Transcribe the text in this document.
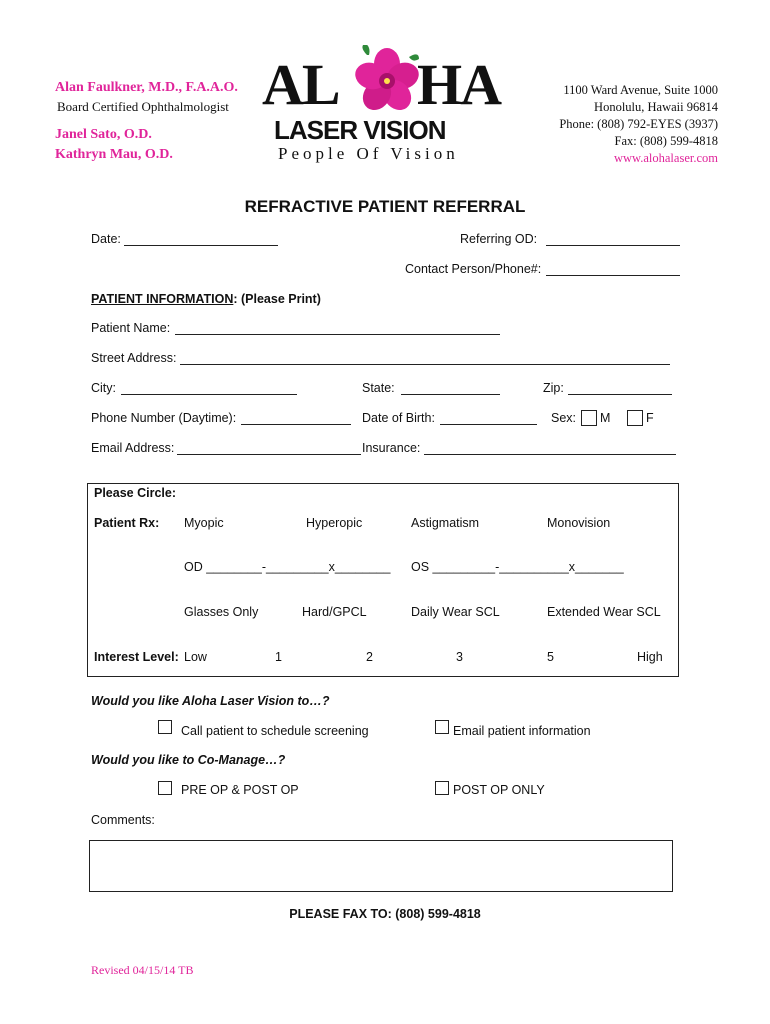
Alan Faulkner, M.D., F.A.A.O.
Board Certified Ophthalmologist
Janel Sato, O.D.
Kathryn Mau, O.D.
AL HA
LASER VISION
People Of Vision
1100 Ward Avenue, Suite 1000
Honolulu, Hawaii 96814
Phone: (808) 792-EYES (3937)
Fax: (808) 599-4818
www.alohalaser.com
REFRACTIVE PATIENT REFERRAL
Date:	Referring OD:
Contact Person/Phone#:
PATIENT INFORMATION: (Please Print)
Patient Name:
Street Address:
City:	State:	Zip:
Phone Number (Daytime):	Date of Birth:	Sex: M	F
Email Address:	Insurance:
Please Circle:
Patient Rx: Myopic	Hyperopic	Astigmatism	Monovision
OD ________-_________x________ OS _________-__________x_______
Glasses Only	Hard/GPCL	Daily Wear SCL	Extended Wear SCL
Interest Level: Low	1	2	3	5	High
Would you like Aloha Laser Vision to…?
Call patient to schedule screening	Email patient information
Would you like to Co-Manage…?
PRE OP & POST OP	POST OP ONLY
Comments:
PLEASE FAX TO: (808) 599-4818
Revised 04/15/14 TB
